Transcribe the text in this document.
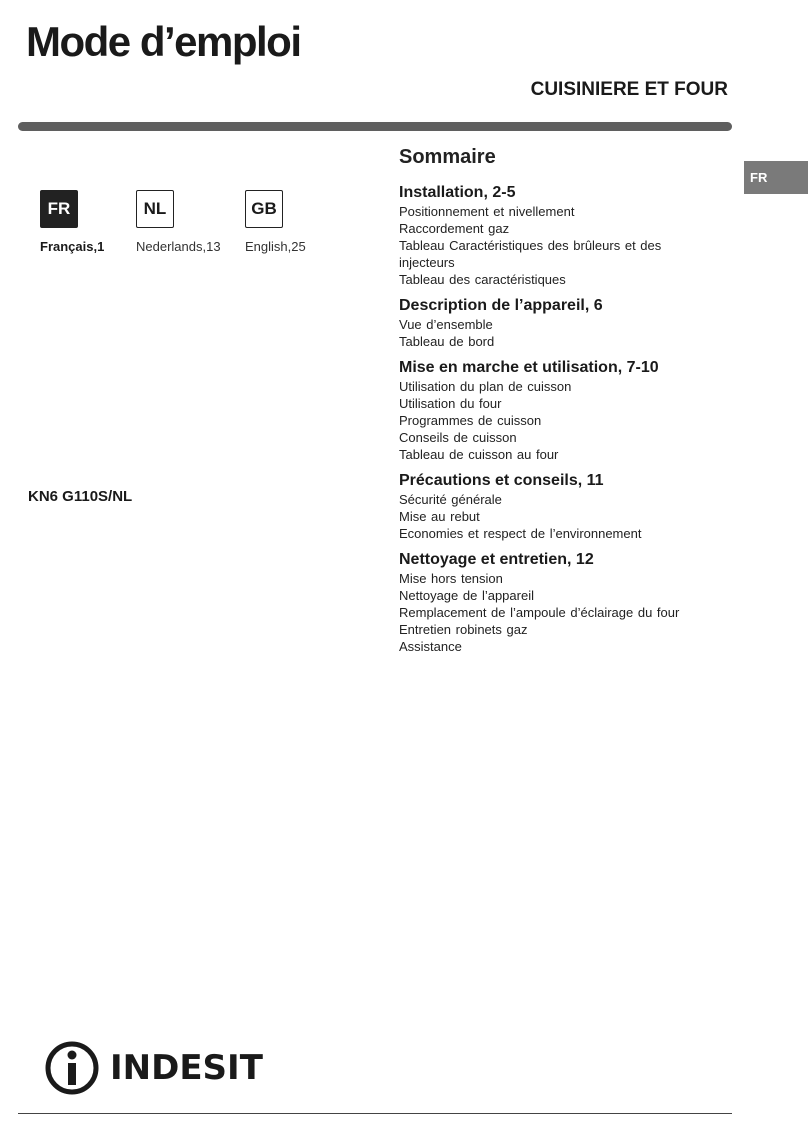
Mode d’emploi
CUISINIERE ET FOUR
FR
FR
Français,1
NL
Nederlands,13
GB
English,25
KN6 G110S/NL
Sommaire
Installation, 2-5
Positionnement et nivellement
Raccordement gaz
Tableau Caractéristiques des brûleurs et des injecteurs
Tableau des caractéristiques
Description de l’appareil, 6
Vue d’ensemble
Tableau de bord
Mise en marche et utilisation, 7-10
Utilisation du plan de cuisson
Utilisation du four
Programmes de cuisson
Conseils de cuisson
Tableau de cuisson au four
Précautions et conseils, 11
Sécurité générale
Mise au rebut
Economies et respect de l’environnement
Nettoyage et entretien, 12
Mise hors tension
Nettoyage de l’appareil
Remplacement de l’ampoule d’éclairage du four
Entretien robinets gaz
Assistance
INDESIT
